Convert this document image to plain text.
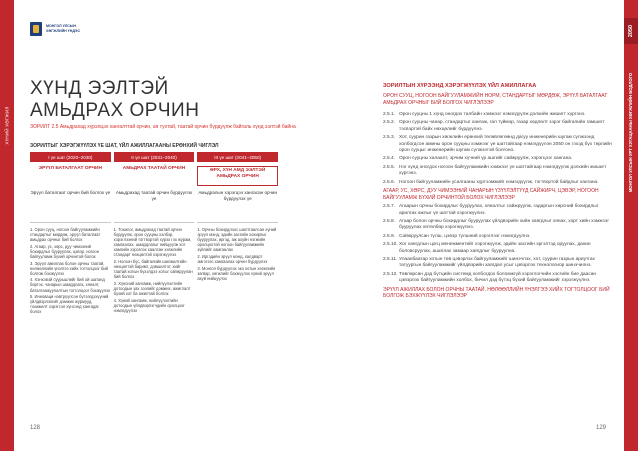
ХҮНИЙ ХӨГЖИЛ
МОНГОЛ УЛСЫН
ХӨГЖЛИЙН ҮНДЭС
ХҮНД ЭЭЛТЭЙ
АМЬДРАХ ОРЧИН
ЗОРИЛТ 2.5 Амьдрахад хүрэлцэх хангалттай орчин, ая тухтай, таатай орчин бүрдүүлж байгаль хүнд ээлтэй байна
ЗОРИЛТЫГ ХЭРЭГЖҮҮЛЭХ ҮЕ ШАТ, ҮЙЛ АЖИЛЛАГААНЫ ЕРӨНХИЙ ЧИГЛЭЛ
I үе шат (2020–2030)	II үе шат (2031–2040)	III үе шат (2041–2050)
ЭРҮҮЛ БАТАЛГААТ ОРЧИН
Эрүүл баталгаат орчин бий болгох үе
1. Орон сууц, ногоон байгууламжийн стандартыг мөрдөж, эрүүл баталгаат амьдрах орчныг бий болгох
2. Агаар, ус, хөрс, дуу чимээний бохирдлыг бууруулах, цэвэр, ногоон байгууламж бүхий орчинтой болох
3. Эрүүл ажиллах болон орчны таатай, нөлөөллийн үнэлгээ хийх тогтолцоог бий болгож бэхжүүлэх
4. Хэнхэвэй суурьшлийг бий ой шатанд бөртэх, чанарын шаардлага, хяналт, баталгаажуулалтын тогтолцоог бэхжүүлэх
5. Инноваци нэвтрүүлсэн бүтээгдэхүүний үйлдвэрлэлийг дэмжих журмууд, тохижилт хэрэгсэл хүнсэнд хангадаг болох
АМЬДРАХ ТААТАЙ ОРЧИН
Амьдрахад таатай орчин бүрдүүлэх үе
1. Тохилог, амьдрахад таатай орчин бүрдүүлж, орон сууцны хэлбэр, хэрэглээний тогтвортой хүрэх гэх журам, хамгаалах, шаардлагыг нийцүүлж хот хамгийн хэрэглэх хаалсан хөгжлийн стандарт нөхцөлтэй хэрэгжүүлэх
2. Ногоон бүс, байгалийн шилжилтийн нөхцөлтэй баримт, дэвшилтэт, хийг таатай хотын бүхэлдээ хотыг сайжруулан бий болгох
3. Хүнсний хангамж, нийлүүлэлтийн дотоодын зах зээлийг дэмжих, ажиглалт бүхий хот ба ажилтай болгох
4. Хүний хангамж, нийлүүлэлтийн дотоодын үйлдвэрлэгчдийн оролцоог нэмэгдүүлэх
ӨРХ, ХҮН АМД ЭЭЛТЭЙ АМЬДРАХ ОРЧИН
Амьдралын хэрэгцээ хангасан орчин бүрдүүлэх үе
1. Орчны бохирдлоос шалтгаалсан хүний эрүүл мэнд, эдийн засгийн хохирлыг бууруулах, иргэд, аж ахуйн нэгжийн оролцоотой ногоон байгууламжийн зүйлийг хамгаалах
2. Иргэдийн эрүүл мэнд, халдварт эмгэгээс хамгаалах орчин бүрдүүлэх
3. Монгол бүрдүүлэх эко хотын хөгжлийн загвар, хөгжлийг бэхжүүлэх хүний эрүүл ахуй нийцүүлэх
128
2050
МОНГОЛ УЛСЫН УРТ ХУГАЦААНЫ ХӨГЖЛИЙН БОДЛОГО
ЗОРИЛТЫН ХҮРЭЭНД ХЭРЭГЖҮҮЛЭХ ҮЙЛ АЖИЛЛАГАА
ОРОН СУУЦ, НОГООН БАЙГУУЛАМЖИЙН НОРМ, СТАНДАРТЫГ МӨРДӨЖ, ЭРҮҮЛ БАТАЛГААТ АМЬДРАХ ОРЧНЫГ БИЙ БОЛГОХ ЧИГЛЭЛЭЭР
2.5.1. Орон сууцны 1 хүнд оногдох талбайн хэмжээг нэмэгдүүлж дэлхийн жишигт хүргэнэ.
2.5.2. Орон сууцны чанар, стандартыг хангаж, гал түймэр, газар хөдлөлт зэрэг байгалийн гамшигт тэсвэртэй байх нөхцөлийг бүрдүүлнэ.
2.5.3. Хот, суурин газрын хөгжлийн ерөнхий төлөвлөгөөнд дагуу инженерийн шугам сүлжээнд холбогдсон амины орон сууцны хэмжээг үе шаттайгаар нэмэгдүүлэн 2050 он гэхэд бүх төрлийн орон сууцыг инженерийн шугам сүлжээтэй болгоно.
2.5.4. Орон сууцны халаалт, эрчим хүчний үр ашгийг сайжруулж, хэрэгцээг хангана.
2.5.5. Нэг хүнд оногдох ногоон байгууламжийн хэмжээг үе шаттайгаар нэмэгдүүлж дэлхийн жишигт хүргэнэ.
2.5.6. Ногоон байгууламжийн усалгааны хүртээмжийг нэмэгдүүлж, тогтвортой байдлыг хангана.
АГААР, УС, ХӨРС, ДУУ ЧИМЭЭНИЙ ЧАНАРЫН ҮЗҮҮЛЭЛТҮҮД САЙЖИРЧ, ЦЭВЭР, НОГООН БАЙГУУЛАМЖ БҮХИЙ ОРЧИНТОЙ БОЛОХ ЧИГЛЭЛЭЭР
2.5.7. Агаарын орчны бохирдлыг бууруулах, хяналтыг сайжруулж, гадаргын хөрсний бохирдлыг арилгах ажлыг үе шаттай хэрэгжүүлнэ.
2.5.8. Агаар болон орчны бохирдлыг бууруулах үйлдвэрийн хийн хаягдлыг хянах, хорт хийн хэмжээг бууруулах хөтөлбөр хэрэгжүүлнэ.
2.5.9. Сайжруулсан түлш, цэвэр түлшний хэрэглээг нэмэгдүүлнэ.
2.5.10. Хог хаягдлын цогц менежментийг хэрэгжүүлж, эдийн засгийн эргэлтэд оруулах, дахин боловсруулах, ашиглах замаар хаягдлыг бууруулна.
2.5.11. Улаанбаатар хотын төв цэвэрлэх байгууламжийг шинэчлэх, хот, суурин газрын ариутгах татуургын байгууламжийг үйлдвэрийн хаягдал усыг цэвэрлэх технологиор шинэчилнэ.
2.5.12. Төвлөрсөн дэд бүтцийн системд холбогдох боломжгүй хэрэглэгчийн хэсгийн бие даасан цэвэрлэх байгууламжийн холбох, бичил дэд бүтэц бүхий байгууламжийг хэрэгжүүлнэ.
ЭРҮҮЛ АЖИЛЛАХ БОЛОН ОРЧНЫ ТААТАЙ, НӨЛӨӨЛЛИЙН ҮНЭЛГЭЭ ХИЙХ ТОГТОЛЦООГ БИЙ БОЛГОЖ БЭХЖҮҮЛЭХ ЧИГЛЭЛЭЭР
129
